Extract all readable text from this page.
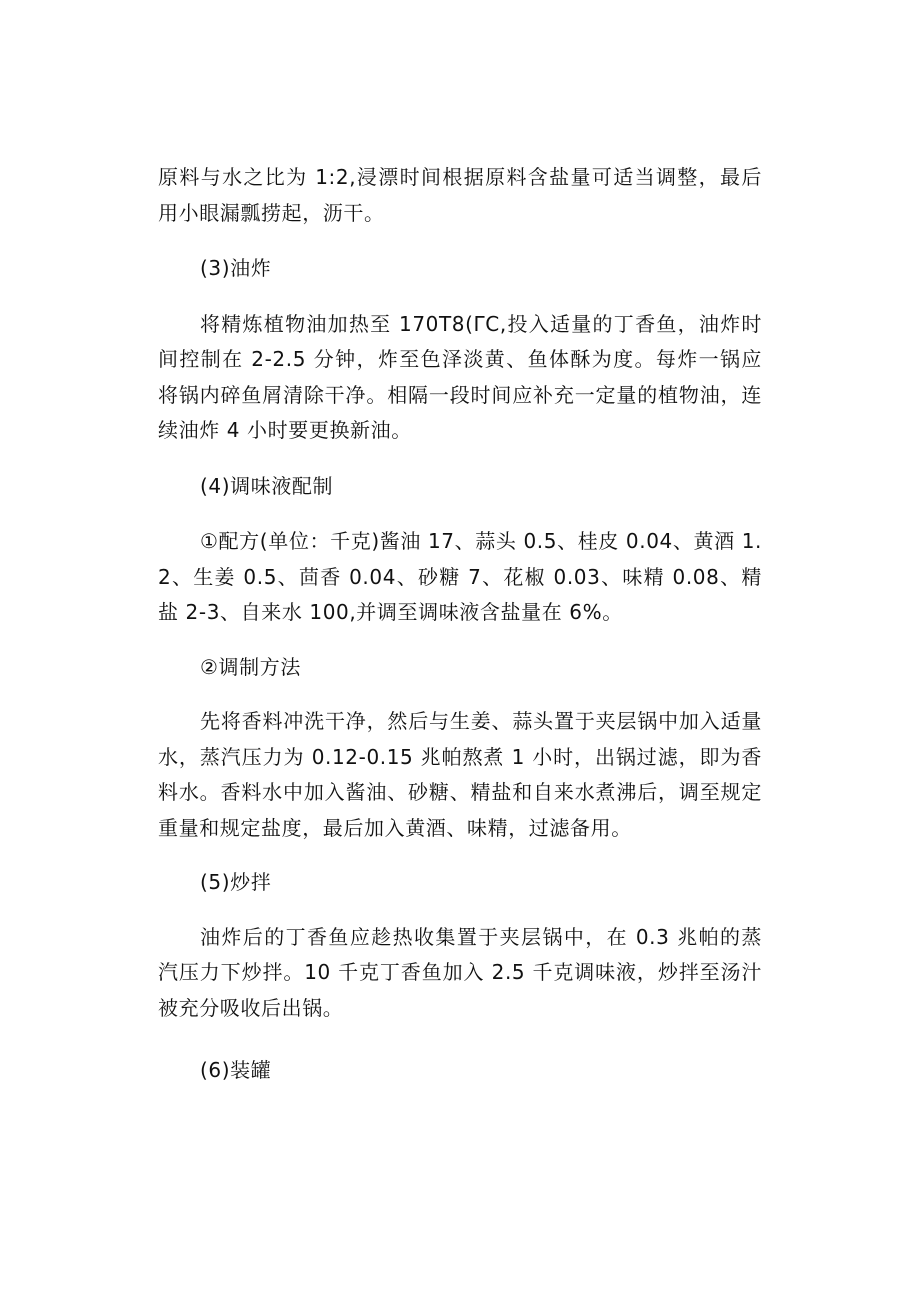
原料与水之比为 1:2,浸漂时间根据原料含盐量可适当调整，最后用小眼漏瓢捞起，沥干。

(3)油炸

将精炼植物油加热至 170T8(ΓC,投入适量的丁香鱼，油炸时间控制在 2-2.5 分钟，炸至色泽淡黄、鱼体酥为度。每炸一锅应将锅内碎鱼屑清除干净。相隔一段时间应补充一定量的植物油，连续油炸 4 小时要更换新油。

(4)调味液配制

①配方(单位：千克)酱油 17、蒜头 0.5、桂皮 0.04、黄酒 1.2、生姜 0.5、茴香 0.04、砂糖 7、花椒 0.03、味精 0.08、精盐 2-3、自来水 100,并调至调味液含盐量在 6%。

②调制方法

先将香料冲洗干净，然后与生姜、蒜头置于夹层锅中加入适量水，蒸汽压力为 0.12-0.15 兆帕熬煮 1 小时，出锅过滤，即为香料水。香料水中加入酱油、砂糖、精盐和自来水煮沸后，调至规定重量和规定盐度，最后加入黄酒、味精，过滤备用。

(5)炒拌

油炸后的丁香鱼应趁热收集置于夹层锅中，在 0.3 兆帕的蒸汽压力下炒拌。10 千克丁香鱼加入 2.5 千克调味液，炒拌至汤汁被充分吸收后出锅。

(6)装罐
